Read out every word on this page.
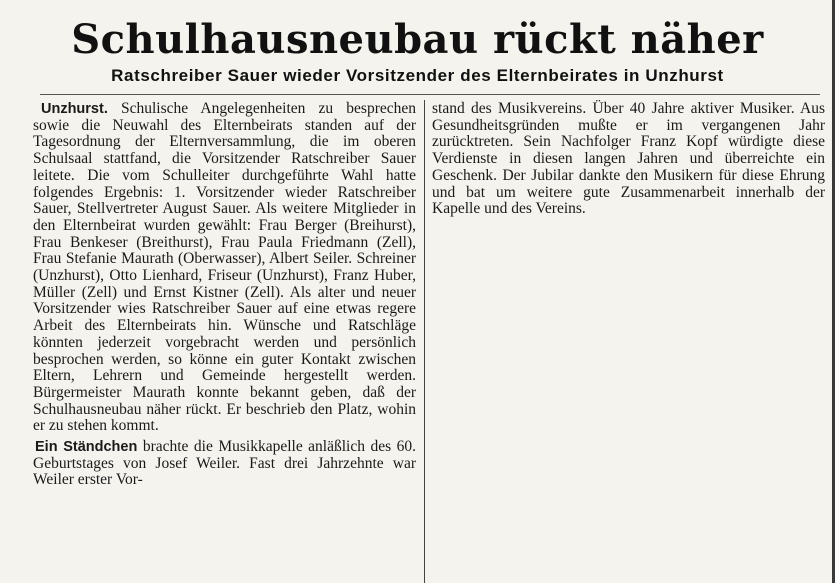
Schulhausneubau rückt näher
Ratschreiber Sauer wieder Vorsitzender des Elternbeirates in Unzhurst

Unzhurst. Schulische Angelegenheiten zu besprechen sowie die Neuwahl des Elternbeirats standen auf der Tagesordnung der Elternversammlung, die im oberen Schulsaal stattfand, die Vorsitzender Ratschreiber Sauer leitete. Die vom Schulleiter durchgeführte Wahl hatte folgendes Ergebnis: 1. Vorsitzender wieder Ratschreiber Sauer, Stellvertreter August Sauer. Als weitere Mitglieder in den Elternbeirat wurden gewählt: Frau Berger (Breihurst), Frau Benkeser (Breithurst), Frau Paula Friedmann (Zell), Frau Stefanie Maurath (Oberwasser), Albert Seiler. Schreiner (Unzhurst), Otto Lienhard, Friseur (Unzhurst), Franz Huber, Müller (Zell) und Ernst Kistner (Zell). Als alter und neuer Vorsitzender wies Ratschreiber Sauer auf eine etwas regere Arbeit des Elternbeirats hin. Wünsche und Ratschläge könnten jederzeit vorgebracht werden und persönlich besprochen werden, so könne ein guter Kontakt zwischen Eltern, Lehrern und Gemeinde hergestellt werden. Bürgermeister Maurath konnte bekannt geben, daß der Schulhausneubau näher rückt. Er beschrieb den Platz, wohin er zu stehen kommt.

Ein Ständchen brachte die Musikkapelle anläßlich des 60. Geburtstages von Josef Weiler. Fast drei Jahrzehnte war Weiler erster Vor-

stand des Musikvereins. Über 40 Jahre aktiver Musiker. Aus Gesundheitsgründen mußte er im vergangenen Jahr zurücktreten. Sein Nachfolger Franz Kopf würdigte diese Verdienste in diesen langen Jahren und überreichte ein Geschenk. Der Jubilar dankte den Musikern für diese Ehrung und bat um weitere gute Zusammenarbeit innerhalb der Kapelle und des Vereins.
